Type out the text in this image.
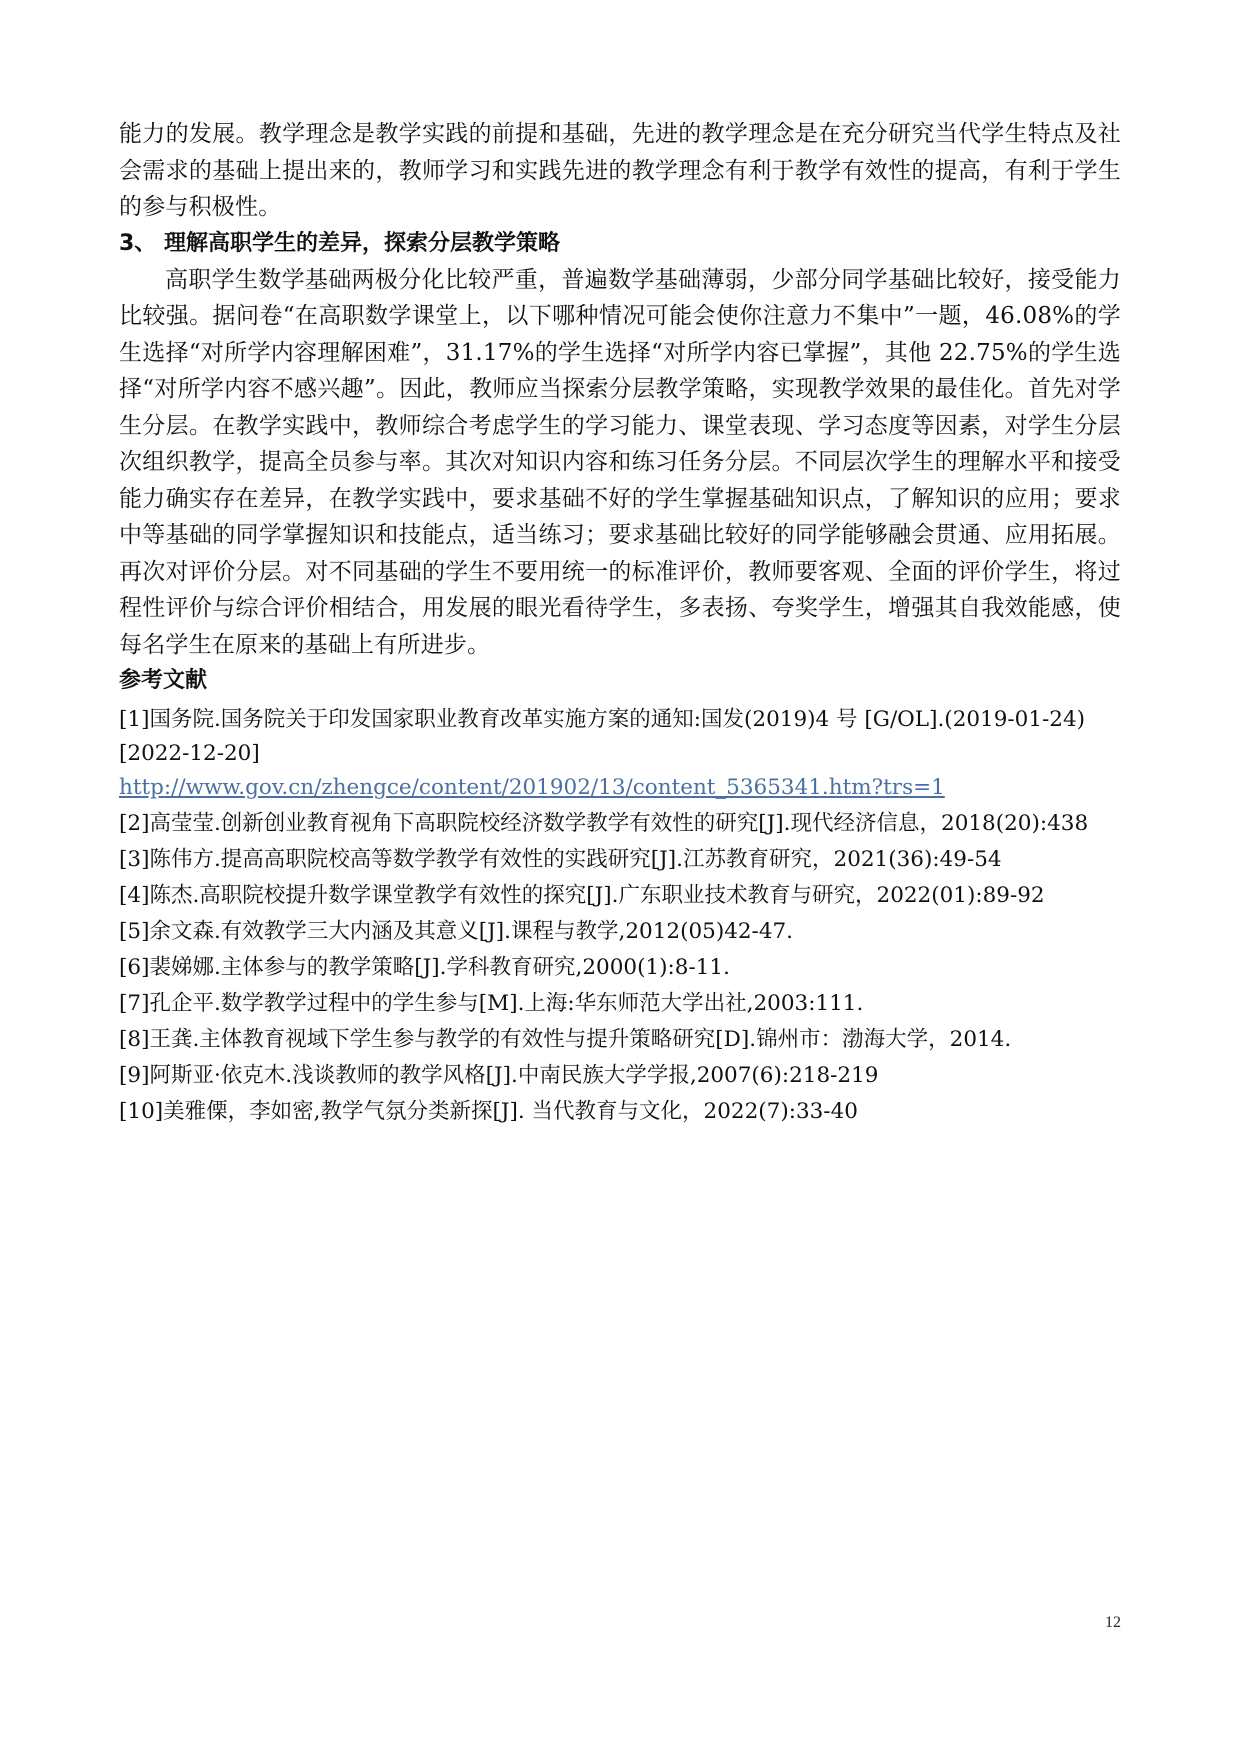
能力的发展。教学理念是教学实践的前提和基础，先进的教学理念是在充分研究当代学生特点及社会需求的基础上提出来的，教师学习和实践先进的教学理念有利于教学有效性的提高，有利于学生的参与积极性。

3、 理解高职学生的差异，探索分层教学策略

高职学生数学基础两极分化比较严重，普遍数学基础薄弱，少部分同学基础比较好，接受能力比较强。据问卷“在高职数学课堂上，以下哪种情况可能会使你注意力不集中”一题，46.08%的学生选择“对所学内容理解困难”，31.17%的学生选择“对所学内容已掌握”，其他 22.75%的学生选择“对所学内容不感兴趣”。因此，教师应当探索分层教学策略，实现教学效果的最佳化。首先对学生分层。在教学实践中，教师综合考虑学生的学习能力、课堂表现、学习态度等因素，对学生分层次组织教学，提高全员参与率。其次对知识内容和练习任务分层。不同层次学生的理解水平和接受能力确实存在差异，在教学实践中，要求基础不好的学生掌握基础知识点，了解知识的应用；要求中等基础的同学掌握知识和技能点，适当练习；要求基础比较好的同学能够融会贯通、应用拓展。再次对评价分层。对不同基础的学生不要用统一的标准评价，教师要客观、全面的评价学生，将过程性评价与综合评价相结合，用发展的眼光看待学生，多表扬、夸奖学生，增强其自我效能感，使每名学生在原来的基础上有所进步。

参考文献

[1]国务院.国务院关于印发国家职业教育改革实施方案的通知:国发(2019)4 号 [G/OL].(2019-01-24)[2022-12-20]
http://www.gov.cn/zhengce/content/201902/13/content_5365341.htm?trs=1

[2]高莹莹.创新创业教育视角下高职院校经济数学教学有效性的研究[J].现代经济信息，2018(20):438

[3]陈伟方.提高高职院校高等数学教学有效性的实践研究[J].江苏教育研究，2021(36):49-54

[4]陈杰.高职院校提升数学课堂教学有效性的探究[J].广东职业技术教育与研究，2022(01):89-92

[5]余文森.有效教学三大内涵及其意义[J].课程与教学,2012(05)42-47.

[6]裴娣娜.主体参与的教学策略[J].学科教育研究,2000(1):8-11.

[7]孔企平.数学教学过程中的学生参与[M].上海:华东师范大学出社,2003:111.

[8]王龚.主体教育视域下学生参与教学的有效性与提升策略研究[D].锦州市：渤海大学，2014.

[9]阿斯亚·依克木.浅谈教师的教学风格[J].中南民族大学学报,2007(6):218-219

[10]美雅傈，李如密,教学气氛分类新探[J]. 当代教育与文化，2022(7):33-40

12
